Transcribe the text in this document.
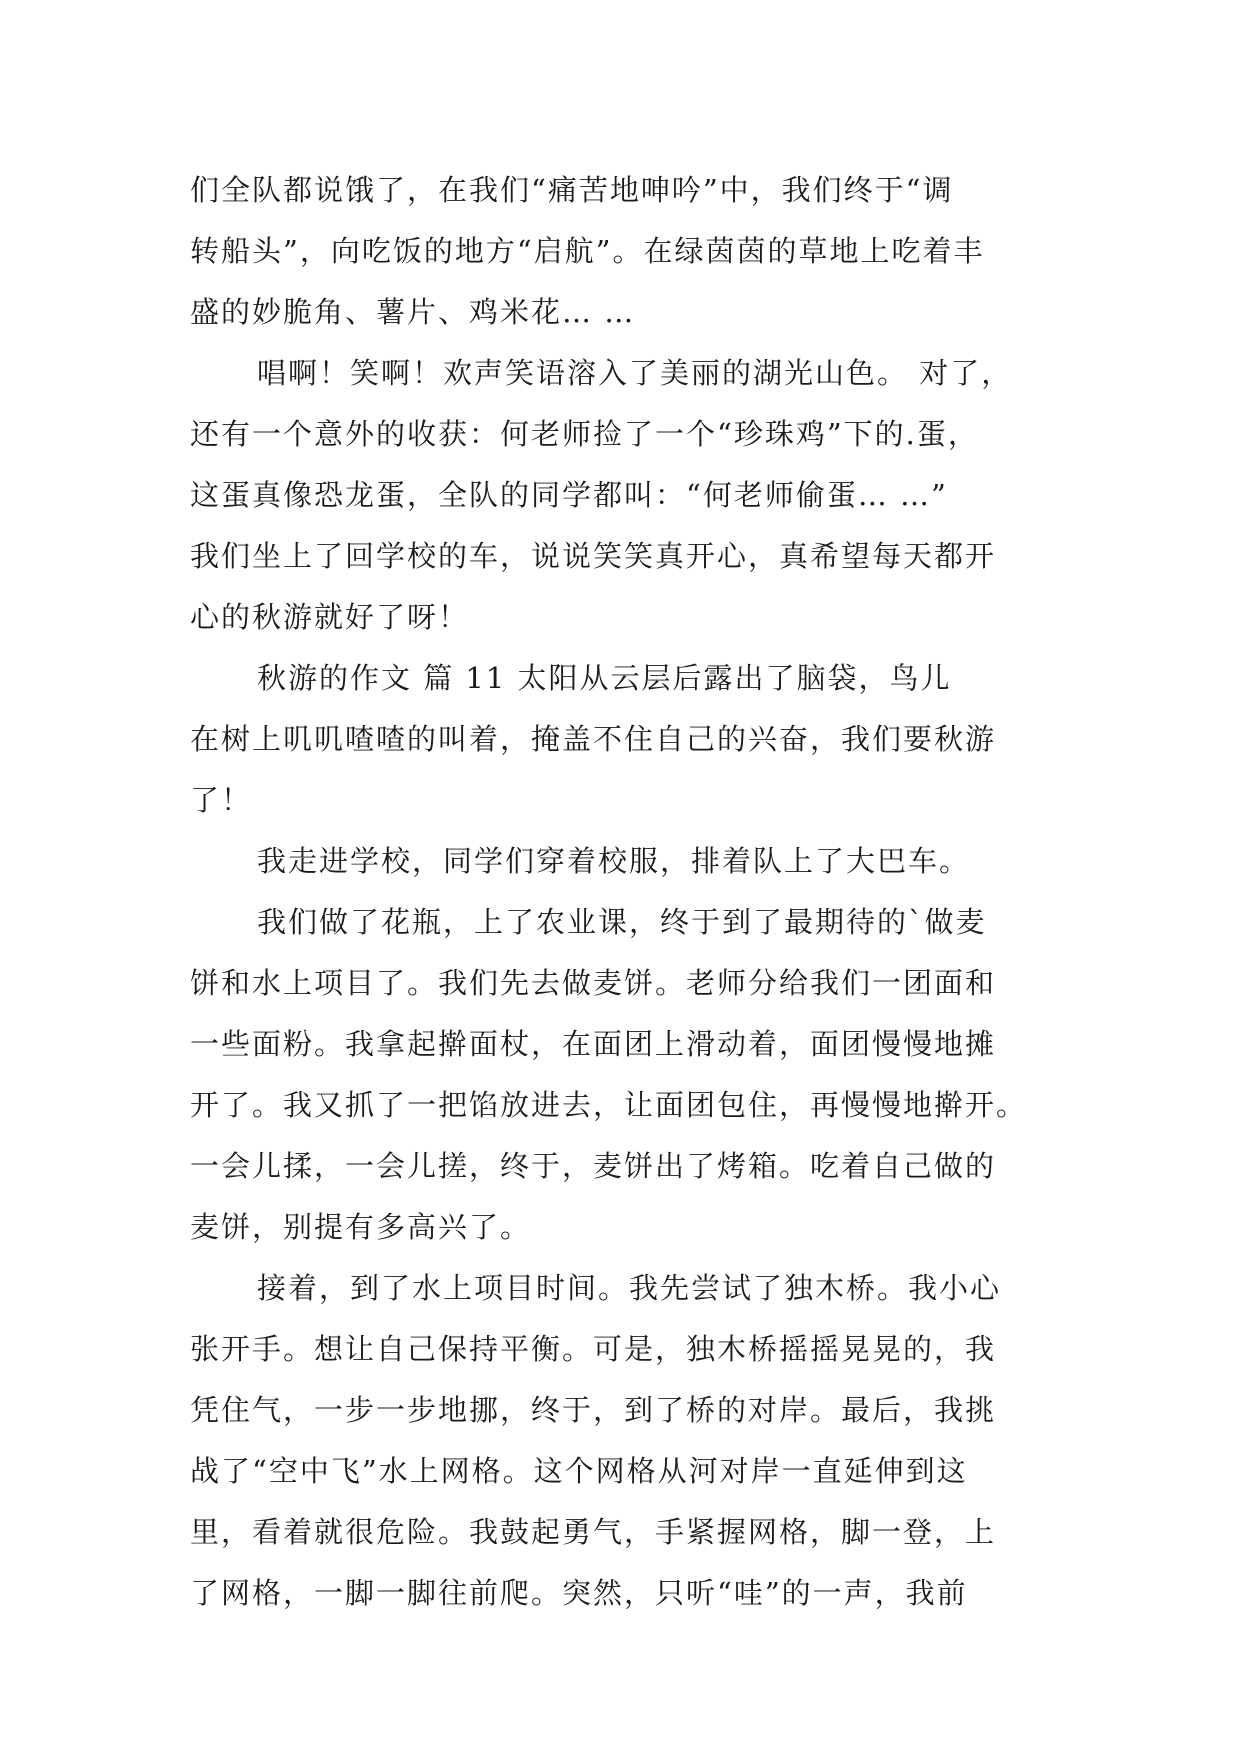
们全队都说饿了，在我们“痛苦地呻吟”中，我们终于“调
转船头”，向吃饭的地方“启航”。在绿茵茵的草地上吃着丰
盛的妙脆角、薯片、鸡米花… …
唱啊！笑啊！欢声笑语溶入了美丽的湖光山色。 对了，
还有一个意外的收获：何老师捡了一个“珍珠鸡”下的.蛋，
这蛋真像恐龙蛋，全队的同学都叫：“何老师偷蛋… …”
我们坐上了回学校的车，说说笑笑真开心，真希望每天都开
心的秋游就好了呀！
秋游的作文 篇 11 太阳从云层后露出了脑袋，鸟儿
在树上叽叽喳喳的叫着，掩盖不住自己的兴奋，我们要秋游
了！
我走进学校，同学们穿着校服，排着队上了大巴车。
我们做了花瓶，上了农业课，终于到了最期待的`做麦
饼和水上项目了。我们先去做麦饼。老师分给我们一团面和
一些面粉。我拿起擀面杖，在面团上滑动着，面团慢慢地摊
开了。我又抓了一把馅放进去，让面团包住，再慢慢地擀开。
一会儿揉，一会儿搓，终于，麦饼出了烤箱。吃着自己做的
麦饼，别提有多高兴了。
接着，到了水上项目时间。我先尝试了独木桥。我小心
张开手。想让自己保持平衡。可是，独木桥摇摇晃晃的，我
凭住气，一步一步地挪，终于，到了桥的对岸。最后，我挑
战了“空中飞”水上网格。这个网格从河对岸一直延伸到这
里，看着就很危险。我鼓起勇气，手紧握网格，脚一登，上
了网格，一脚一脚往前爬。突然，只听“哇”的一声，我前
